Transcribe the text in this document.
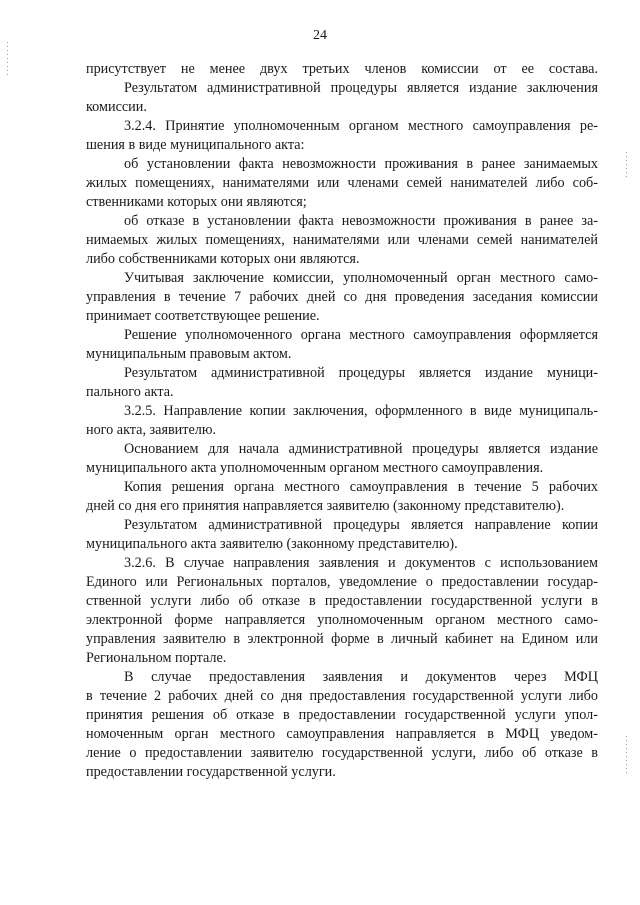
24
присутствует не менее двух третьих членов комиссии от ее состава.
Результатом административной процедуры является издание заключения
комиссии.
3.2.4. Принятие уполномоченным органом местного самоуправления ре-
шения в виде муниципального акта:
об установлении факта невозможности проживания в ранее занимаемых
жилых помещениях, нанимателями или членами семей нанимателей либо соб-
ственниками которых они являются;
об отказе в установлении факта невозможности проживания в ранее за-
нимаемых жилых помещениях, нанимателями или членами семей нанимателей
либо собственниками которых они являются.
Учитывая заключение комиссии, уполномоченный орган местного само-
управления в течение 7 рабочих дней со дня проведения заседания комиссии
принимает соответствующее решение.
Решение уполномоченного органа местного самоуправления оформляется
муниципальным правовым актом.
Результатом административной процедуры является издание муници-
пального акта.
3.2.5. Направление копии заключения, оформленного в виде муниципаль-
ного акта, заявителю.
Основанием для начала административной процедуры является издание
муниципального акта уполномоченным органом местного самоуправления.
Копия решения органа местного самоуправления в течение 5 рабочих
дней со дня его принятия направляется заявителю (законному представителю).
Результатом административной процедуры является направление копии
муниципального акта заявителю (законному представителю).
3.2.6. В случае направления заявления и документов с использованием
Единого или Региональных порталов, уведомление о предоставлении государ-
ственной услуги либо об отказе в предоставлении государственной услуги в
электронной форме направляется уполномоченным органом местного само-
управления заявителю в электронной форме в личный кабинет на Едином или
Региональном портале.
В случае предоставления заявления и документов через МФЦ
в течение 2 рабочих дней со дня предоставления государственной услуги либо
принятия решения об отказе в предоставлении государственной услуги упол-
номоченным орган местного самоуправления направляется в МФЦ уведом-
ление о предоставлении заявителю государственной услуги, либо об отказе в
предоставлении государственной услуги.
